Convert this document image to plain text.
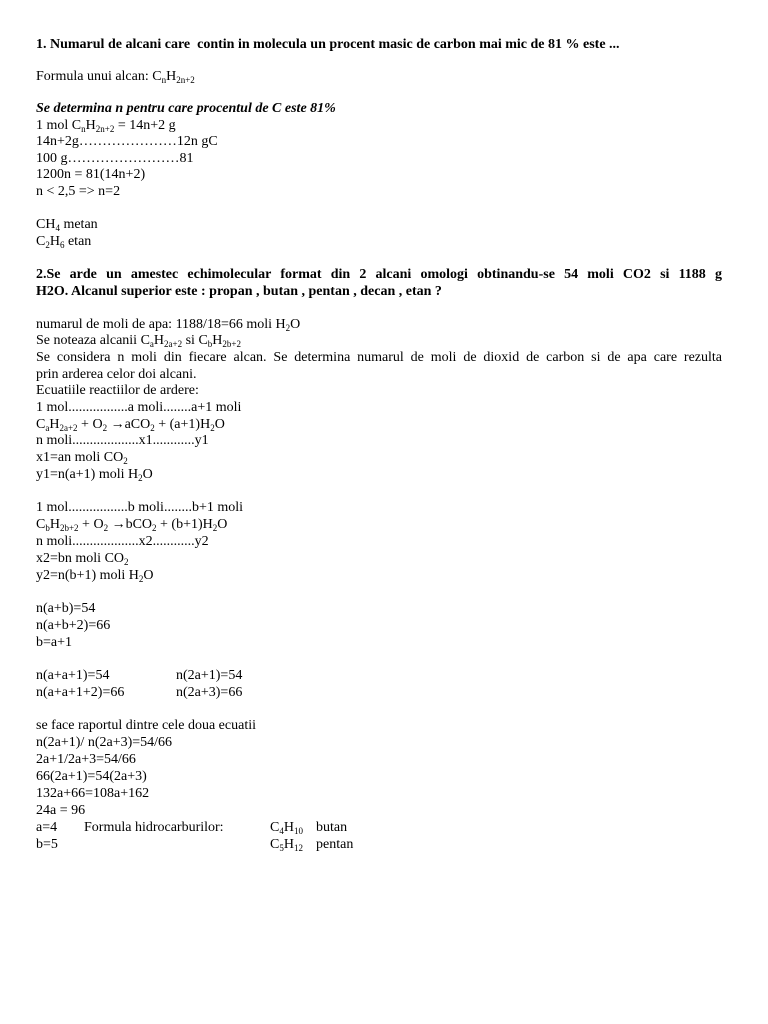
1. Numarul de alcani care  contin in molecula un procent masic de carbon mai mic de 81 % este ...
Formula unui alcan: $C_nH_{2n+2}$
Se determina n pentru care procentul de C este 81%
1 mol $C_nH_{2n+2} = 14n+2$ g
14n+2g…………………12n gC
100 g……………………81
1200n = 81(14n+2)
n < 2,5 => n=2
$CH_4$ metan
$C_2H_6$ etan
2.Se arde un amestec echimolecular format din 2 alcani omologi obtinandu-se 54 moli CO2 si 1188 g
H2O. Alcanul superior este : propan , butan , pentan , decan , etan ?
numarul de moli de apa: 1188/18=66 moli $H_2O$
Se noteaza alcanii $C_aH_{2a+2}$ si $C_bH_{2b+2}$
Se considera n moli din fiecare alcan. Se determina numarul de moli de dioxid de carbon si de apa care rezulta
prin arderea celor doi alcani.
Ecuatiile reactiilor de ardere:
1 mol.................a moli........a+1 moli
$C_aH_{2a+2} + O_2 \to aCO_2 + (a+1)H_2O$
n moli...................x1............y1
x1=an moli $CO_2$
y1=n(a+1) moli $H_2O$
1 mol.................b moli........b+1 moli
$C_bH_{2b+2} + O_2 \to bCO_2 + (b+1)H_2O$
n moli...................x2............y2
x2=bn moli $CO_2$
y2=n(b+1) moli $H_2O$
n(a+b)=54
n(a+b+2)=66
b=a+1
n(a+a+1)=54	n(2a+1)=54
n(a+a+1+2)=66	n(2a+3)=66
se face raportul dintre cele doua ecuatii
n(2a+1)/ n(2a+3)=54/66
2a+1/2a+3=54/66
66(2a+1)=54(2a+3)
132a+66=108a+162
24a = 96
a=4 Formula hidrocarburilor:	$C_4H_{10}$ butan
b=5	$C_5H_{12}$ pentan
